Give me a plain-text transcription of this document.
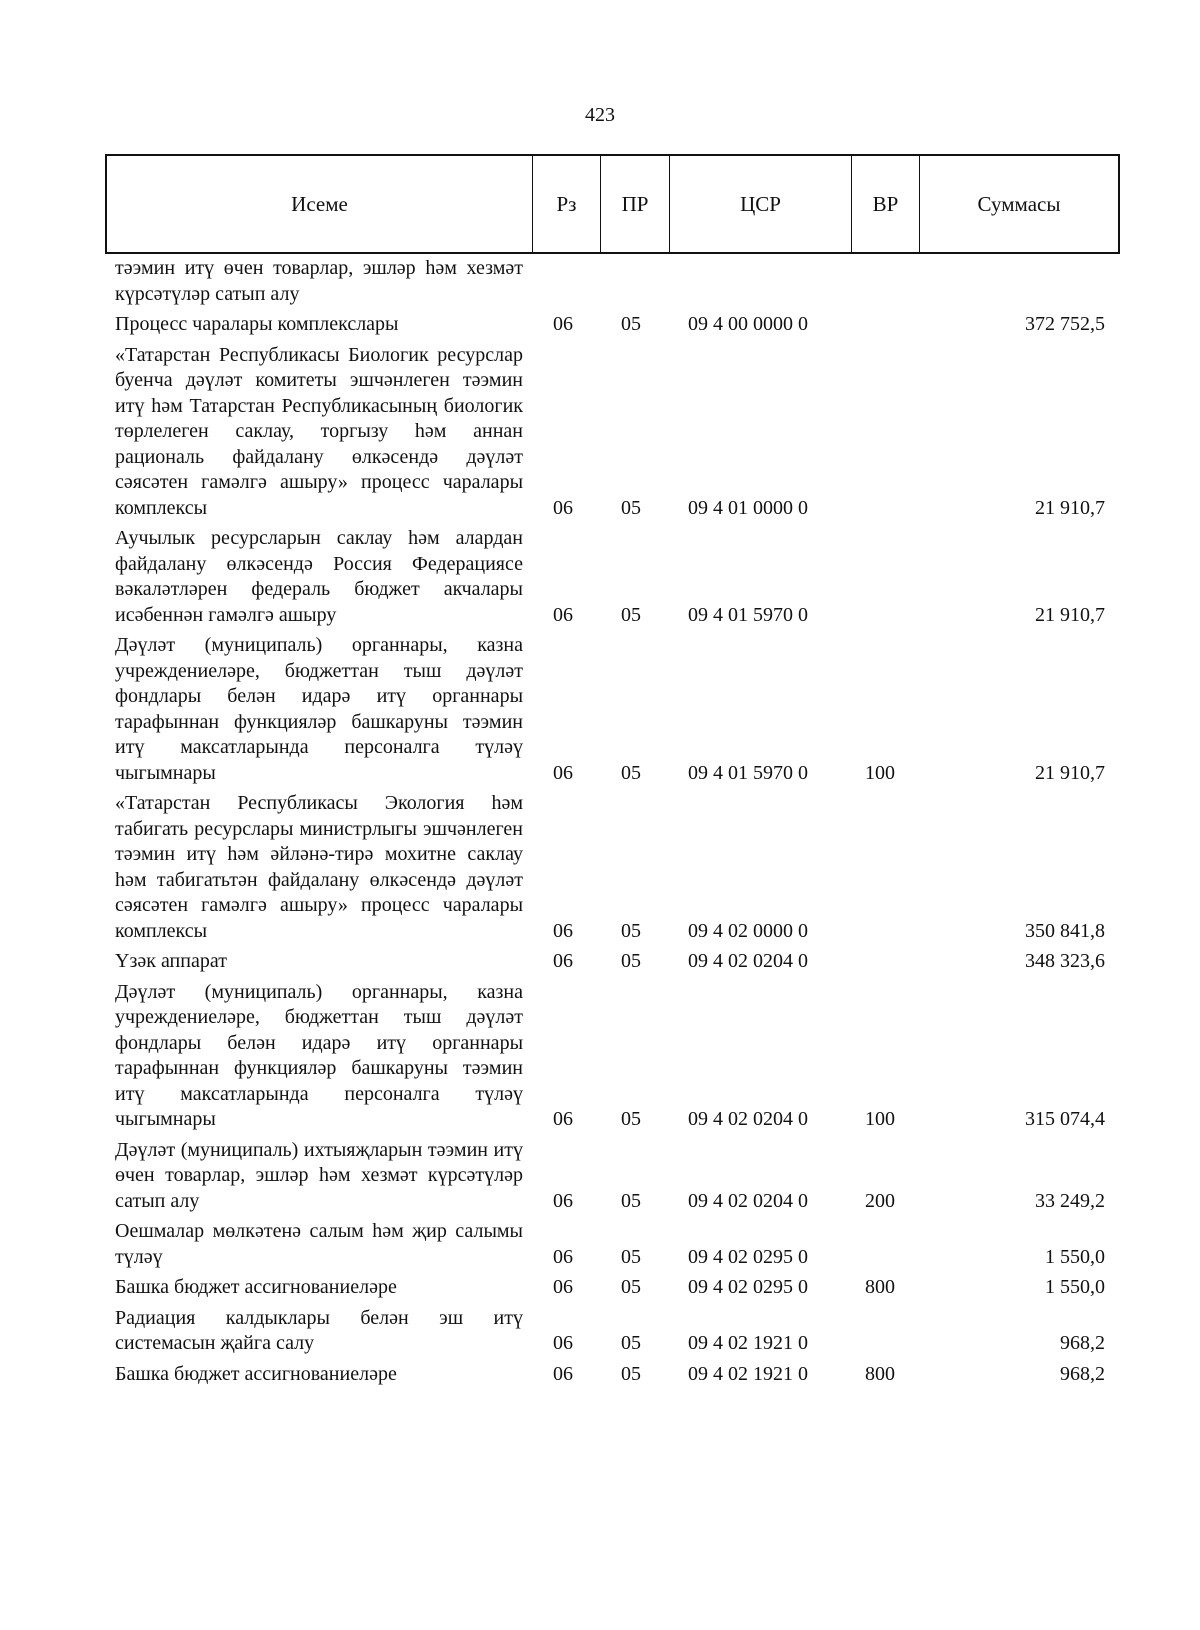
423
Исеме	Рз	ПР	ЦСР	ВР	Суммасы
тәэмин итү өчен товарлар, эшләр һәм хезмәт күрсәтүләр сатып алу
Процесс чаралары комплекслары	06 05 09 4 00 0000 0	372 752,5
«Татарстан Республикасы Биологик ресурслар буенча дәүләт комитеты эшчәнлеген тәэмин итү һәм Татарстан Республикасының биологик төрлелеген саклау, торгызу һәм аннан рациональ файдалану өлкәсендә дәүләт сәясәтен гамәлгә ашыру» процесс чаралары комплексы	06 05 09 4 01 0000 0	21 910,7
Аучылык ресурсларын саклау һәм алардан файдалану өлкәсендә Россия Федерациясе вәкаләтләрен федераль бюджет акчалары исәбеннән гамәлгә ашыру	06 05 09 4 01 5970 0	21 910,7
Дәүләт (муниципаль) органнары, казна учреждениеләре, бюджеттан тыш дәүләт фондлары белән идарә итү органнары тарафыннан функцияләр башкаруны тәэмин итү максатларында персоналга түләү чыгымнары	06 05 09 4 01 5970 0	100	21 910,7
«Татарстан Республикасы Экология һәм табигать ресурслары министрлыгы эшчәнлеген тәэмин итү һәм әйләнә-тирә мохитне саклау һәм табигатьтән файдалану өлкәсендә дәүләт сәясәтен гамәлгә ашыру» процесс чаралары комплексы	06 05 09 4 02 0000 0	350 841,8
Үзәк аппарат	06 05 09 4 02 0204 0	348 323,6
Дәүләт (муниципаль) органнары, казна учреждениеләре, бюджеттан тыш дәүләт фондлары белән идарә итү органнары тарафыннан функцияләр башкаруны тәэмин итү максатларында персоналга түләү чыгымнары	06 05 09 4 02 0204 0	100	315 074,4
Дәүләт (муниципаль) ихтыяҗларын тәэмин итү өчен товарлар, эшләр һәм хезмәт күрсәтүләр сатып алу	06 05 09 4 02 0204 0	200	33 249,2
Оешмалар мөлкәтенә салым һәм җир салымы түләү	06 05 09 4 02 0295 0	1 550,0
Башка бюджет ассигнованиеләре	06 05 09 4 02 0295 0	800	1 550,0
Радиация калдыклары белән эш итү системасын җайга салу	06 05 09 4 02 1921 0	968,2
Башка бюджет ассигнованиеләре	06 05 09 4 02 1921 0	800	968,2
